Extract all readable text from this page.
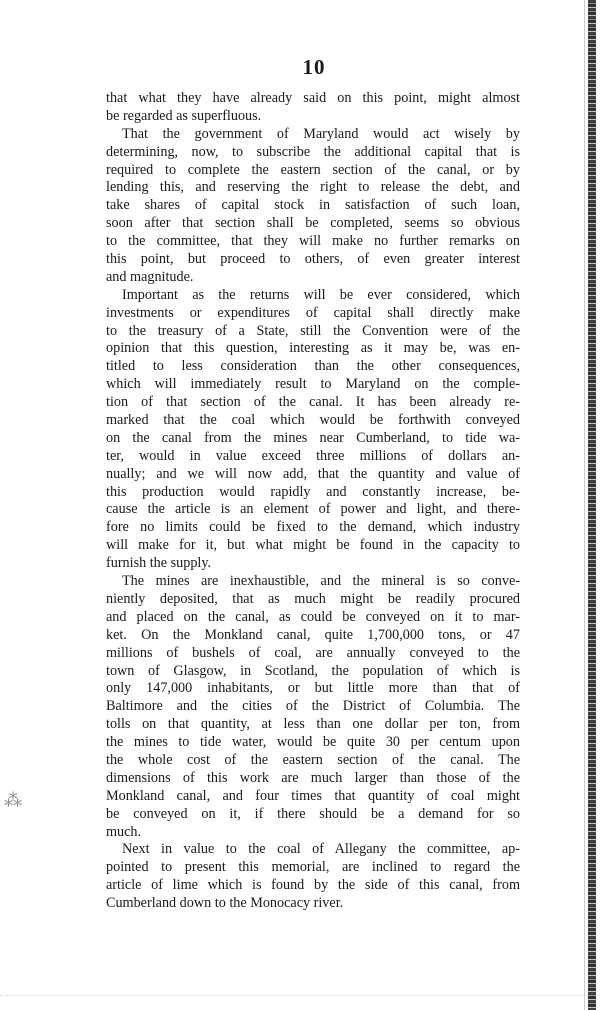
10
that what they have already said on this point, might almost
be regarded as superfluous.
That the government of Maryland would act wisely by
determining, now, to subscribe the additional capital that is
required to complete the eastern section of the canal, or by
lending this, and reserving the right to release the debt, and
take shares of capital stock in satisfaction of such loan,
soon after that section shall be completed, seems so obvious
to the committee, that they will make no further remarks on
this point, but proceed to others, of even greater interest
and magnitude.
Important as the returns will be ever considered, which
investments or expenditures of capital shall directly make
to the treasury of a State, still the Convention were of the
opinion that this question, interesting as it may be, was en-
titled to less consideration than the other consequences,
which will immediately result to Maryland on the comple-
tion of that section of the canal. It has been already re-
marked that the coal which would be forthwith conveyed
on the canal from the mines near Cumberland, to tide wa-
ter, would in value exceed three millions of dollars an-
nually; and we will now add, that the quantity and value of
this production would rapidly and constantly increase, be-
cause the article is an element of power and light, and there-
fore no limits could be fixed to the demand, which industry
will make for it, but what might be found in the capacity to
furnish the supply.
The mines are inexhaustible, and the mineral is so conve-
niently deposited, that as much might be readily procured
and placed on the canal, as could be conveyed on it to mar-
ket. On the Monkland canal, quite 1,700,000 tons, or 47
millions of bushels of coal, are annually conveyed to the
town of Glasgow, in Scotland, the population of which is
only 147,000 inhabitants, or but little more than that of
Baltimore and the cities of the District of Columbia. The
tolls on that quantity, at less than one dollar per ton, from
the mines to tide water, would be quite 30 per centum upon
the whole cost of the eastern section of the canal. The
dimensions of this work are much larger than those of the
Monkland canal, and four times that quantity of coal might
be conveyed on it, if there should be a demand for so
much.
Next in value to the coal of Allegany the committee, ap-
pointed to present this memorial, are inclined to regard the
article of lime which is found by the side of this canal, from
Cumberland down to the Monocacy river.
⁂
